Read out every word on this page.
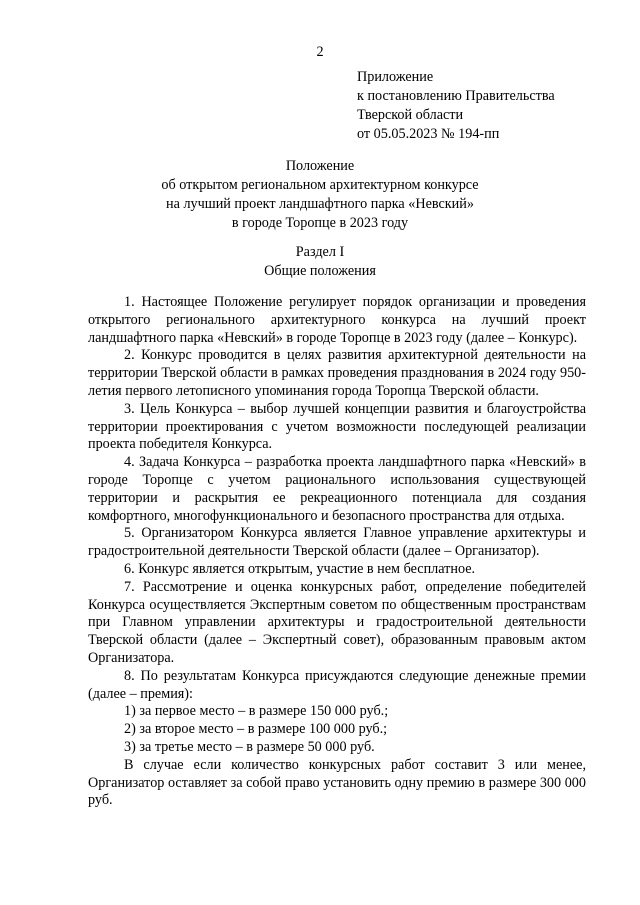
2
Приложение
к постановлению Правительства
Тверской области
от 05.05.2023 № 194-пп
Положение
об открытом региональном архитектурном конкурсе
на лучший проект ландшафтного парка «Невский»
в городе Торопце в 2023 году
Раздел I
Общие положения

1. Настоящее Положение регулирует порядок организации и проведения открытого регионального архитектурного конкурса на лучший проект ландшафтного парка «Невский» в городе Торопце в 2023 году (далее – Конкурс).

2. Конкурс проводится в целях развития архитектурной деятельности на территории Тверской области в рамках проведения празднования в 2024 году 950-летия первого летописного упоминания города Торопца Тверской области.

3. Цель Конкурса – выбор лучшей концепции развития и благоустройства территории проектирования с учетом возможности последующей реализации проекта победителя Конкурса.

4. Задача Конкурса – разработка проекта ландшафтного парка «Невский» в городе Торопце с учетом рационального использования существующей территории и раскрытия ее рекреационного потенциала для создания комфортного, многофункционального и безопасного пространства для отдыха.

5. Организатором Конкурса является Главное управление архитектуры и градостроительной деятельности Тверской области (далее – Организатор).

6. Конкурс является открытым, участие в нем бесплатное.

7. Рассмотрение и оценка конкурсных работ, определение победителей Конкурса осуществляется Экспертным советом по общественным пространствам при Главном управлении архитектуры и градостроительной деятельности Тверской области (далее – Экспертный совет), образованным правовым актом Организатора.

8. По результатам Конкурса присуждаются следующие денежные премии (далее – премия):

1) за первое место – в размере 150 000 руб.;

2) за второе место – в размере 100 000 руб.;

3) за третье место – в размере 50 000 руб.

В случае если количество конкурсных работ составит 3 или менее, Организатор оставляет за собой право установить одну премию в размере 300 000 руб.
